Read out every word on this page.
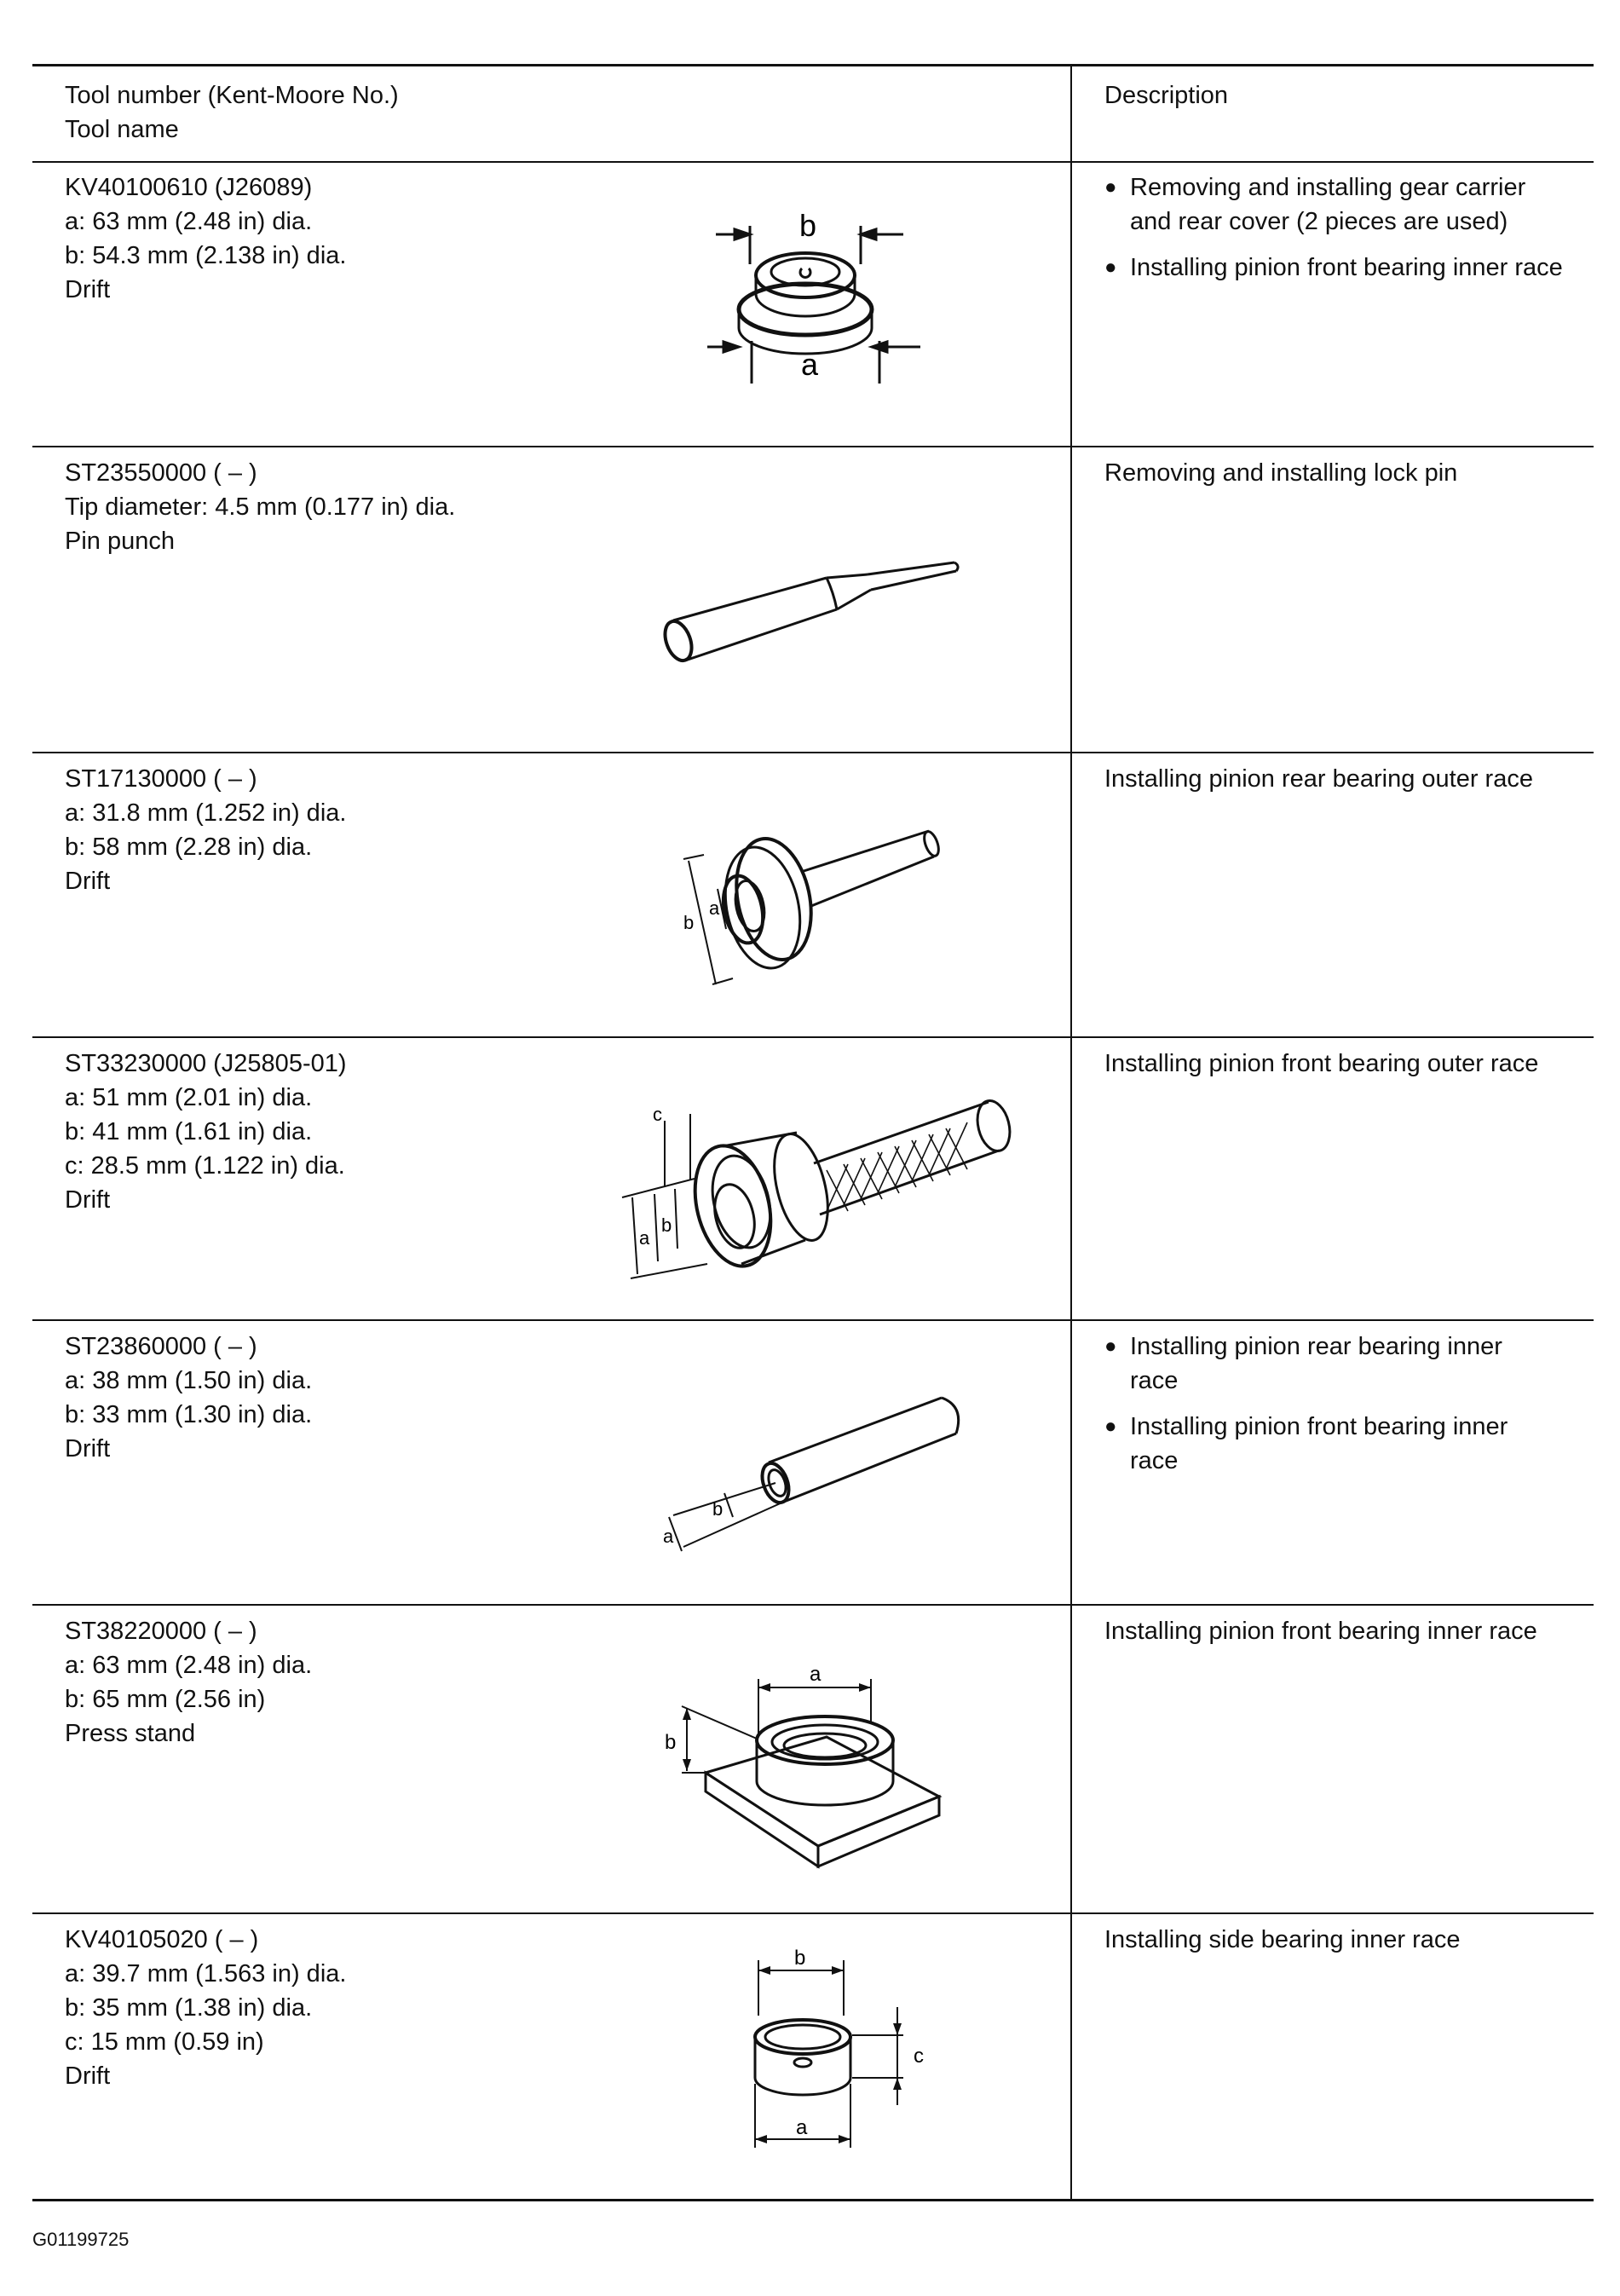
Tool number (Kent-Moore No.)
Tool name
Description
KV40100610 (J26089)
a: 63 mm (2.48 in) dia.
b: 54.3 mm (2.138 in) dia.
Drift
● Removing and installing gear carrier and rear cover (2 pieces are used)
● Installing pinion front bearing inner race
b
a
ST23550000 ( – )
Tip diameter: 4.5 mm (0.177 in) dia.
Pin punch
Removing and installing lock pin
ST17130000 ( – )
a: 31.8 mm (1.252 in) dia.
b: 58 mm (2.28 in) dia.
Drift
Installing pinion rear bearing outer race
b
a
ST33230000 (J25805-01)
a: 51 mm (2.01 in) dia.
b: 41 mm (1.61 in) dia.
c: 28.5 mm (1.122 in) dia.
Drift
Installing pinion front bearing outer race
a
b
c
ST23860000 ( – )
a: 38 mm (1.50 in) dia.
b: 33 mm (1.30 in) dia.
Drift
● Installing pinion rear bearing inner race
● Installing pinion front bearing inner race
a
b
ST38220000 ( – )
a: 63 mm (2.48 in) dia.
b: 65 mm (2.56 in)
Press stand
Installing pinion front bearing inner race
a
b
KV40105020 ( – )
a: 39.7 mm (1.563 in) dia.
b: 35 mm (1.38 in) dia.
c: 15 mm (0.59 in)
Drift
Installing side bearing inner race
b
c
a
G01199725
